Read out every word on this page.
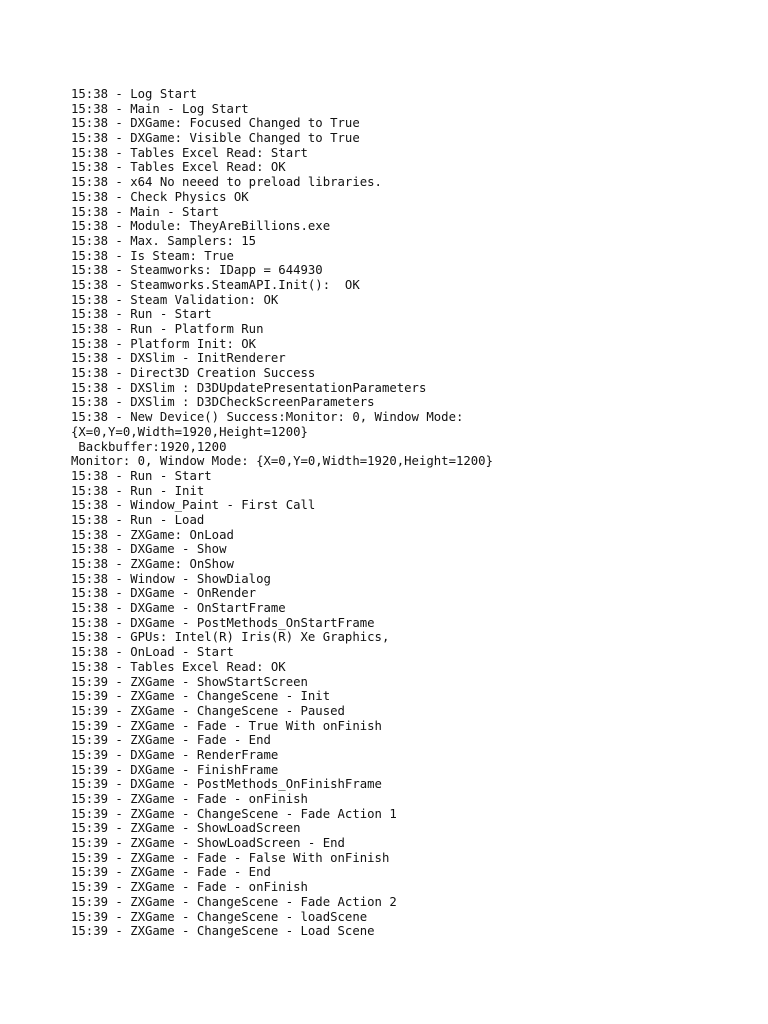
15:38 - Log Start
15:38 - Main - Log Start
15:38 - DXGame: Focused Changed to True
15:38 - DXGame: Visible Changed to True
15:38 - Tables Excel Read: Start
15:38 - Tables Excel Read: OK
15:38 - x64 No neeed to preload libraries.
15:38 - Check Physics OK
15:38 - Main - Start
15:38 - Module: TheyAreBillions.exe
15:38 - Max. Samplers: 15
15:38 - Is Steam: True
15:38 - Steamworks: IDapp = 644930
15:38 - Steamworks.SteamAPI.Init():  OK
15:38 - Steam Validation: OK
15:38 - Run - Start
15:38 - Run - Platform Run
15:38 - Platform Init: OK
15:38 - DXSlim - InitRenderer
15:38 - Direct3D Creation Success
15:38 - DXSlim : D3DUpdatePresentationParameters
15:38 - DXSlim : D3DCheckScreenParameters
15:38 - New Device() Success:Monitor: 0, Window Mode:
{X=0,Y=0,Width=1920,Height=1200}
Backbuffer:1920,1200
Monitor: 0, Window Mode: {X=0,Y=0,Width=1920,Height=1200}
15:38 - Run - Start
15:38 - Run - Init
15:38 - Window_Paint - First Call
15:38 - Run - Load
15:38 - ZXGame: OnLoad
15:38 - DXGame - Show
15:38 - ZXGame: OnShow
15:38 - Window - ShowDialog
15:38 - DXGame - OnRender
15:38 - DXGame - OnStartFrame
15:38 - DXGame - PostMethods_OnStartFrame
15:38 - GPUs: Intel(R) Iris(R) Xe Graphics,
15:38 - OnLoad - Start
15:38 - Tables Excel Read: OK
15:39 - ZXGame - ShowStartScreen
15:39 - ZXGame - ChangeScene - Init
15:39 - ZXGame - ChangeScene - Paused
15:39 - ZXGame - Fade - True With onFinish
15:39 - ZXGame - Fade - End
15:39 - DXGame - RenderFrame
15:39 - DXGame - FinishFrame
15:39 - DXGame - PostMethods_OnFinishFrame
15:39 - ZXGame - Fade - onFinish
15:39 - ZXGame - ChangeScene - Fade Action 1
15:39 - ZXGame - ShowLoadScreen
15:39 - ZXGame - ShowLoadScreen - End
15:39 - ZXGame - Fade - False With onFinish
15:39 - ZXGame - Fade - End
15:39 - ZXGame - Fade - onFinish
15:39 - ZXGame - ChangeScene - Fade Action 2
15:39 - ZXGame - ChangeScene - loadScene
15:39 - ZXGame - ChangeScene - Load Scene
